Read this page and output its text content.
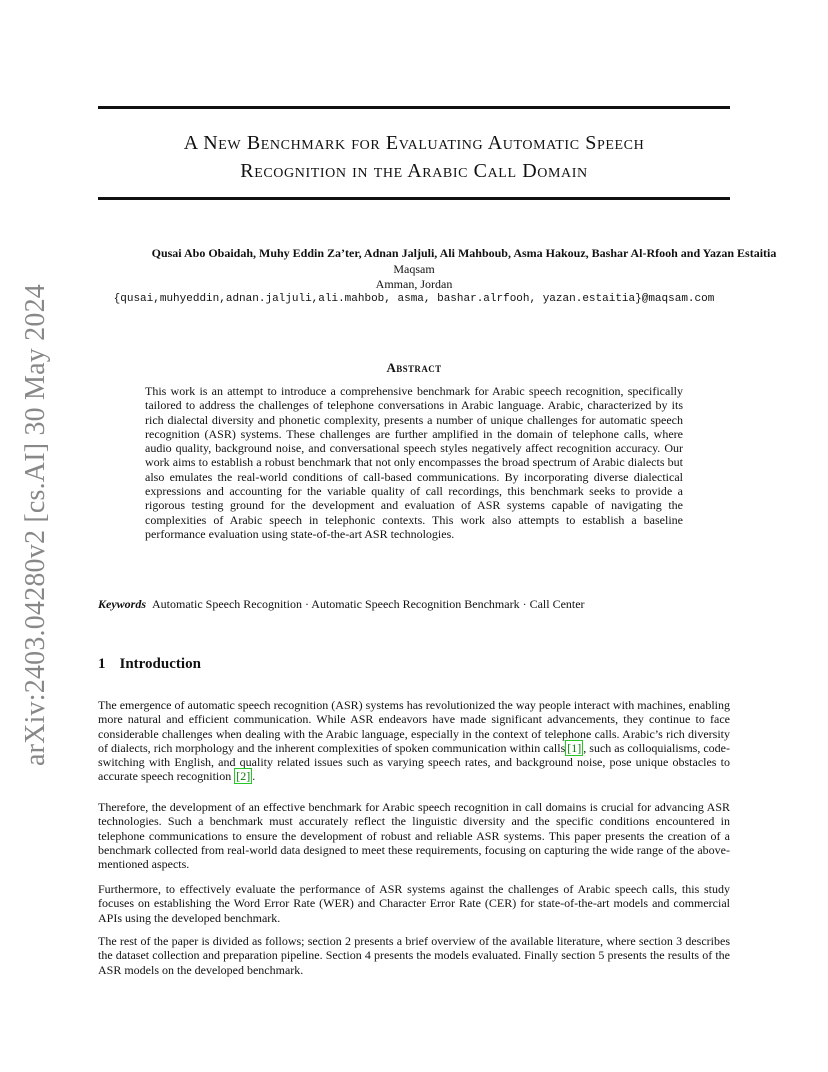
arXiv:2403.04280v2 [cs.AI] 30 May 2024
A New Benchmark for Evaluating Automatic Speech
Recognition in the Arabic Call Domain
Qusai Abo Obaidah, Muhy Eddin Za’ter, Adnan Jaljuli, Ali Mahboub, Asma Hakouz, Bashar Al-Rfooh and Yazan Estaitia
Maqsam
Amman, Jordan
{qusai,muhyeddin,adnan.jaljuli,ali.mahbob, asma, bashar.alrfooh, yazan.estaitia}@maqsam.com
Abstract

This work is an attempt to introduce a comprehensive benchmark for Arabic speech recognition, specifically tailored to address the challenges of telephone conversations in Arabic language. Arabic, characterized by its rich dialectal diversity and phonetic complexity, presents a number of unique challenges for automatic speech recognition (ASR) systems. These challenges are further amplified in the domain of telephone calls, where audio quality, background noise, and conversational speech styles negatively affect recognition accuracy. Our work aims to establish a robust benchmark that not only encompasses the broad spectrum of Arabic dialects but also emulates the real-world conditions of call-based communications. By incorporating diverse dialectical expressions and accounting for the variable quality of call recordings, this benchmark seeks to provide a rigorous testing ground for the development and evaluation of ASR systems capable of navigating the complexities of Arabic speech in telephonic contexts. This work also attempts to establish a baseline performance evaluation using state-of-the-art ASR technologies.

Keywords Automatic Speech Recognition · Automatic Speech Recognition Benchmark · Call Center

1 Introduction

The emergence of automatic speech recognition (ASR) systems has revolutionized the way people interact with machines, enabling more natural and efficient communication. While ASR endeavors have made significant advancements, they continue to face considerable challenges when dealing with the Arabic language, especially in the context of telephone calls. Arabic’s rich diversity of dialects, rich morphology and the inherent complexities of spoken communication within calls [1] , such as colloquialisms, code-switching with English, and quality related issues such as varying speech rates, and background noise, pose unique obstacles to accurate speech recognition [2] .

Therefore, the development of an effective benchmark for Arabic speech recognition in call domains is crucial for advancing ASR technologies. Such a benchmark must accurately reflect the linguistic diversity and the specific conditions encountered in telephone communications to ensure the development of robust and reliable ASR systems. This paper presents the creation of a benchmark collected from real-world data designed to meet these requirements, focusing on capturing the wide range of the above-mentioned aspects.

Furthermore, to effectively evaluate the performance of ASR systems against the challenges of Arabic speech calls, this study focuses on establishing the Word Error Rate (WER) and Character Error Rate (CER) for state-of-the-art models and commercial APIs using the developed benchmark.

The rest of the paper is divided as follows; section 2 presents a brief overview of the available literature, where section 3 describes the dataset collection and preparation pipeline. Section 4 presents the models evaluated. Finally section 5 presents the results of the ASR models on the developed benchmark.
